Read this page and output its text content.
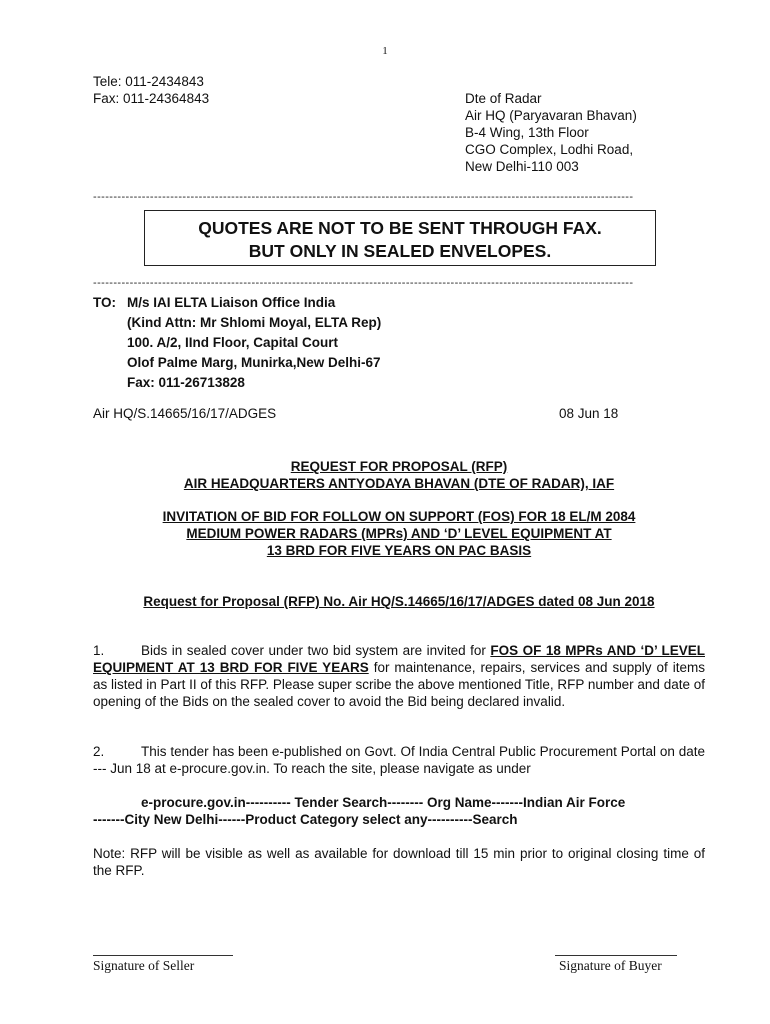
1
Tele: 011-2434843
Fax: 011-24364843	Dte of Radar
Air HQ (Paryavaran Bhavan)
B-4 Wing, 13th Floor
CGO Complex, Lodhi Road,
New Delhi-110 003
-------------------------------------------------------------------------------------------------------------------------------------
QUOTES ARE NOT TO BE SENT THROUGH FAX.
BUT ONLY IN SEALED ENVELOPES.
-------------------------------------------------------------------------------------------------------------------------------------
TO: M/s IAI ELTA Liaison Office India
(Kind Attn: Mr Shlomi Moyal, ELTA Rep)
100. A/2, IInd Floor, Capital Court
Olof Palme Marg, Munirka,New Delhi-67
Fax: 011-26713828
Air HQ/S.14665/16/17/ADGES	08 Jun 18
REQUEST FOR PROPOSAL (RFP)
AIR HEADQUARTERS ANTYODAYA BHAVAN (DTE OF RADAR), IAF
INVITATION OF BID FOR FOLLOW ON SUPPORT (FOS) FOR 18 EL/M 2084
MEDIUM POWER RADARS (MPRs) AND ‘D’ LEVEL EQUIPMENT AT
13 BRD FOR FIVE YEARS ON PAC BASIS
Request for Proposal (RFP) No. Air HQ/S.14665/16/17/ADGES dated 08 Jun 2018
1.	Bids in sealed cover under two bid system are invited for FOS OF 18 MPRs AND ‘D’ LEVEL EQUIPMENT AT 13 BRD FOR FIVE YEARS for maintenance, repairs, services and supply of items as listed in Part II of this RFP. Please super scribe the above mentioned Title, RFP number and date of opening of the Bids on the sealed cover to avoid the Bid being declared invalid.
2.	This tender has been e-published on Govt. Of India Central Public Procurement Portal on date --- Jun 18 at e-procure.gov.in. To reach the site, please navigate as under
e-procure.gov.in---------- Tender Search-------- Org Name-------Indian Air Force
-------City New Delhi------Product Category select any----------Search
Note: RFP will be visible as well as available for download till 15 min prior to original closing time of the RFP.
Signature of Seller	Signature of Buyer
